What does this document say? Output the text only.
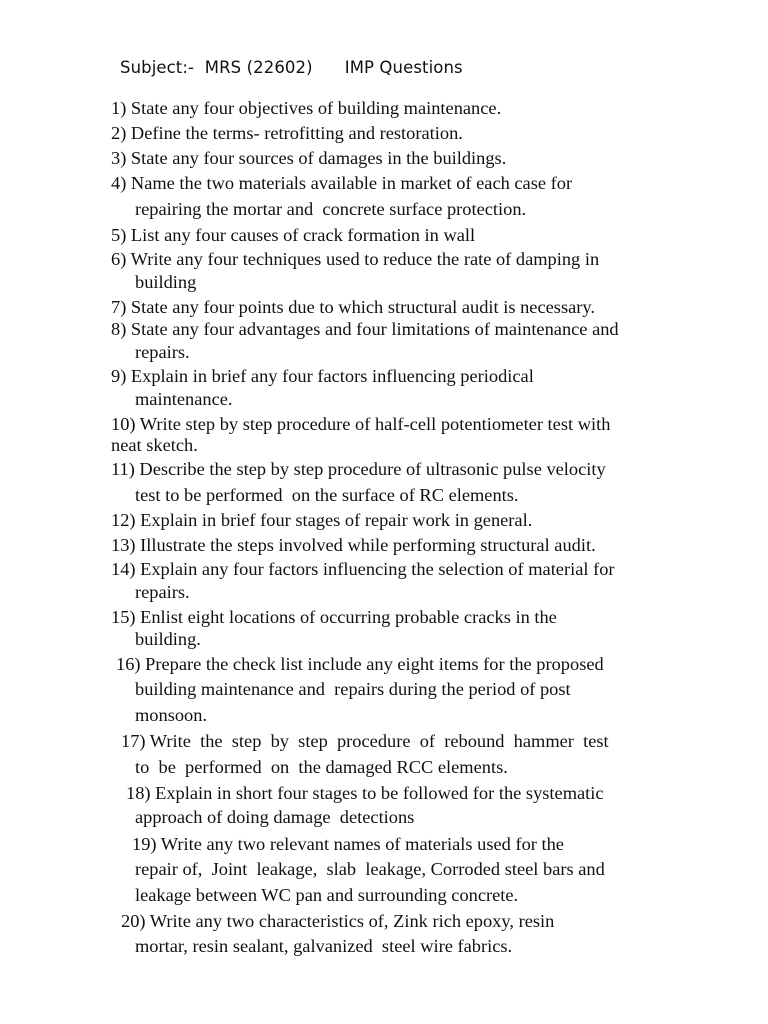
Subject:-  MRS (22602)      IMP Questions
1) State any four objectives of building maintenance.
2) Define the terms- retrofitting and restoration.
3) State any four sources of damages in the buildings.
4) Name the two materials available in market of each case for
repairing the mortar and  concrete surface protection.
5) List any four causes of crack formation in wall
6) Write any four techniques used to reduce the rate of damping in
building
7) State any four points due to which structural audit is necessary.
8) State any four advantages and four limitations of maintenance and
repairs.
9) Explain in brief any four factors influencing periodical
maintenance.
10) Write step by step procedure of half-cell potentiometer test with
neat sketch.
11) Describe the step by step procedure of ultrasonic pulse velocity
test to be performed  on the surface of RC elements.
12) Explain in brief four stages of repair work in general.
13) Illustrate the steps involved while performing structural audit.
14) Explain any four factors influencing the selection of material for
repairs.
15) Enlist eight locations of occurring probable cracks in the
building.
16) Prepare the check list include any eight items for the proposed
building maintenance and  repairs during the period of post
monsoon.
17) Write  the  step  by  step  procedure  of  rebound  hammer  test
to  be  performed  on  the damaged RCC elements.
18) Explain in short four stages to be followed for the systematic
approach of doing damage  detections
19) Write any two relevant names of materials used for the
repair of,  Joint  leakage,  slab  leakage, Corroded steel bars and
leakage between WC pan and surrounding concrete.
20) Write any two characteristics of, Zink rich epoxy, resin
mortar, resin sealant, galvanized  steel wire fabrics.
